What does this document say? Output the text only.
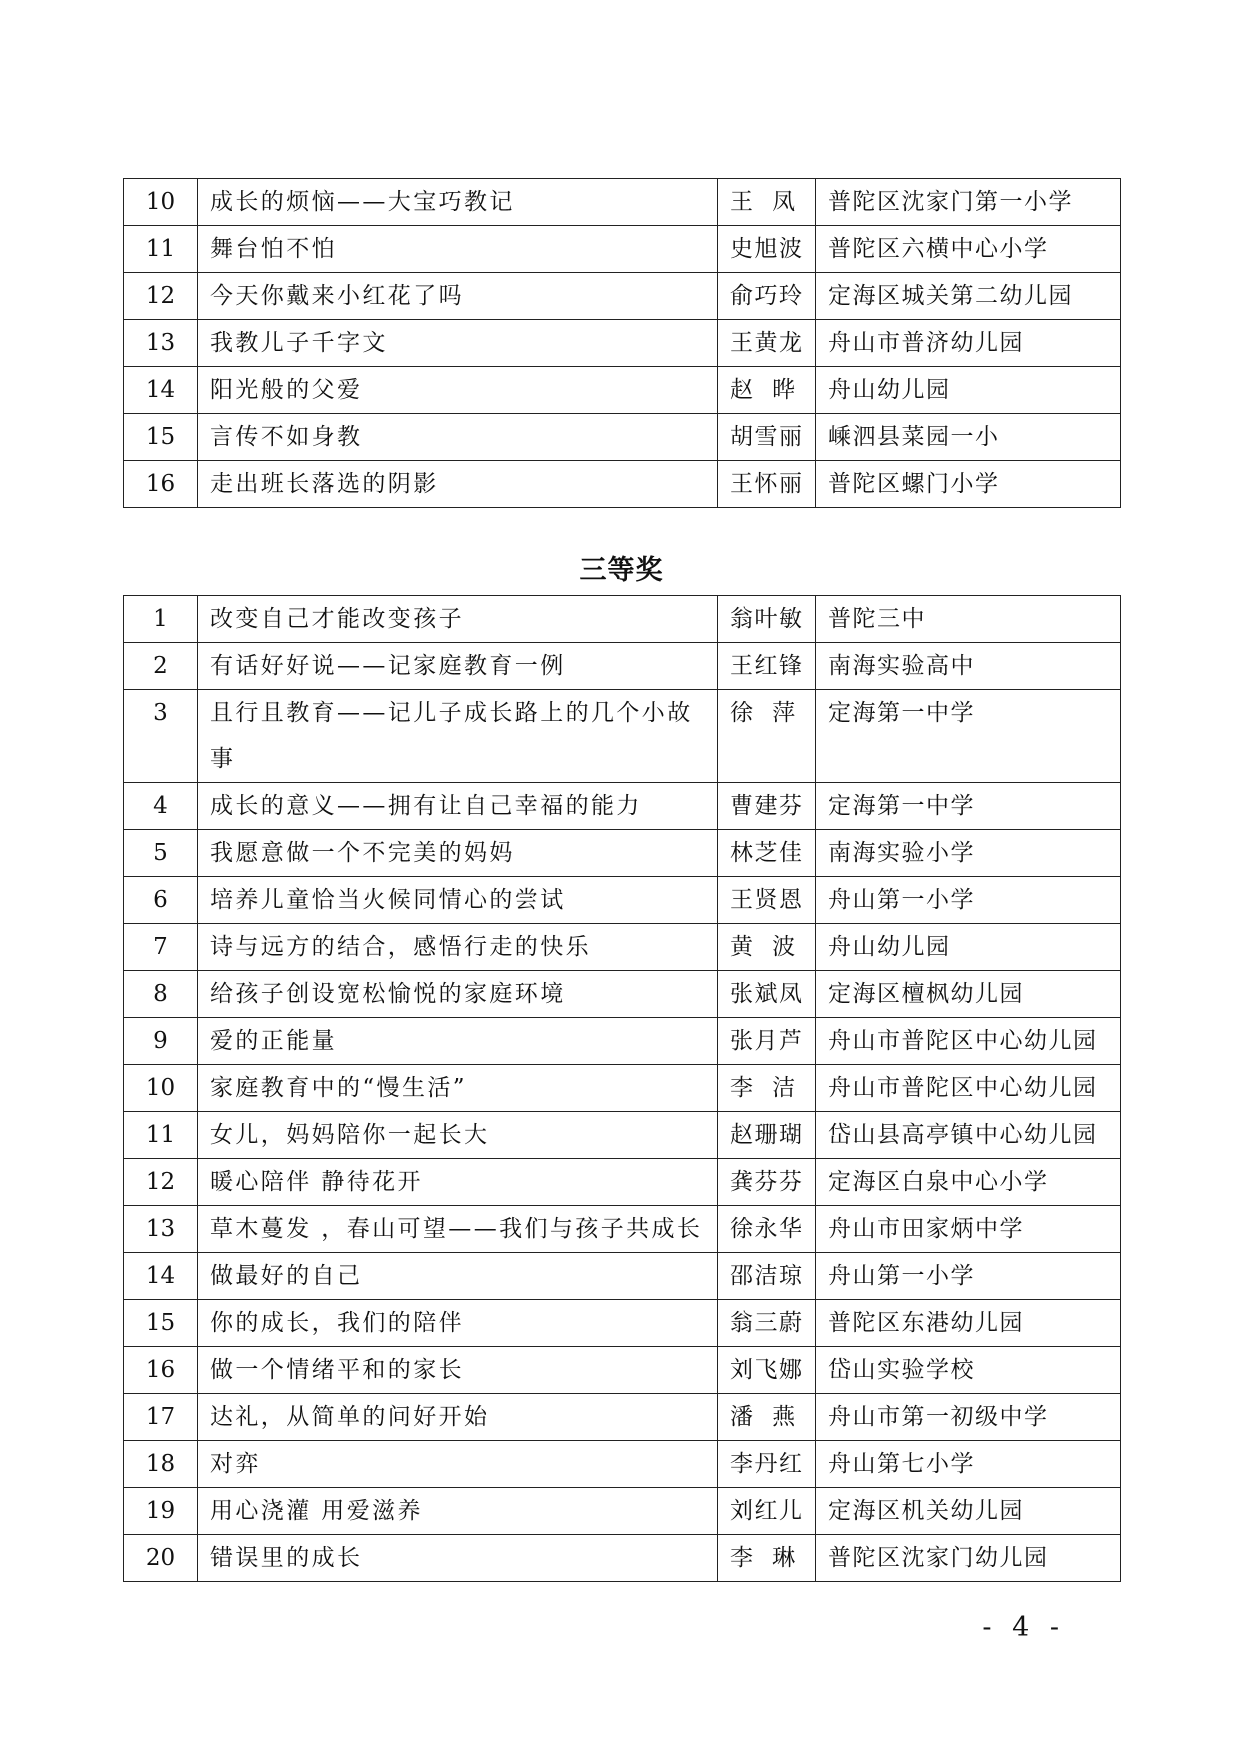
10	成长的烦恼——大宝巧教记	王  凤	普陀区沈家门第一小学
11	舞台怕不怕	史旭波	普陀区六横中心小学
12	今天你戴来小红花了吗	俞巧玲	定海区城关第二幼儿园
13	我教儿子千字文	王黄龙	舟山市普济幼儿园
14	阳光般的父爱	赵  晔	舟山幼儿园
15	言传不如身教	胡雪丽	嵊泗县菜园一小
16	走出班长落选的阴影	王怀丽	普陀区螺门小学
三等奖
1	改变自己才能改变孩子	翁叶敏	普陀三中
2	有话好好说——记家庭教育一例	王红锋	南海实验高中
3	且行且教育——记儿子成长路上的几个小故事	徐  萍	定海第一中学
4	成长的意义——拥有让自己幸福的能力	曹建芬	定海第一中学
5	我愿意做一个不完美的妈妈	林芝佳	南海实验小学
6	培养儿童恰当火候同情心的尝试	王贤恩	舟山第一小学
7	诗与远方的结合，感悟行走的快乐	黄  波	舟山幼儿园
8	给孩子创设宽松愉悦的家庭环境	张斌凤	定海区檀枫幼儿园
9	爱的正能量	张月芦	舟山市普陀区中心幼儿园
10	家庭教育中的“慢生活”	李  洁	舟山市普陀区中心幼儿园
11	女儿，妈妈陪你一起长大	赵珊瑚	岱山县高亭镇中心幼儿园
12	暖心陪伴 静待花开	龚芬芬	定海区白泉中心小学
13	草木蔓发 ，春山可望——我们与孩子共成长	徐永华	舟山市田家炳中学
14	做最好的自己	邵洁琼	舟山第一小学
15	你的成长，我们的陪伴	翁三蔚	普陀区东港幼儿园
16	做一个情绪平和的家长	刘飞娜	岱山实验学校
17	达礼，从简单的问好开始	潘  燕	舟山市第一初级中学
18	对弈	李丹红	舟山第七小学
19	用心浇灌 用爱滋养	刘红儿	定海区机关幼儿园
20	错误里的成长	李  琳	普陀区沈家门幼儿园
- 4 -
